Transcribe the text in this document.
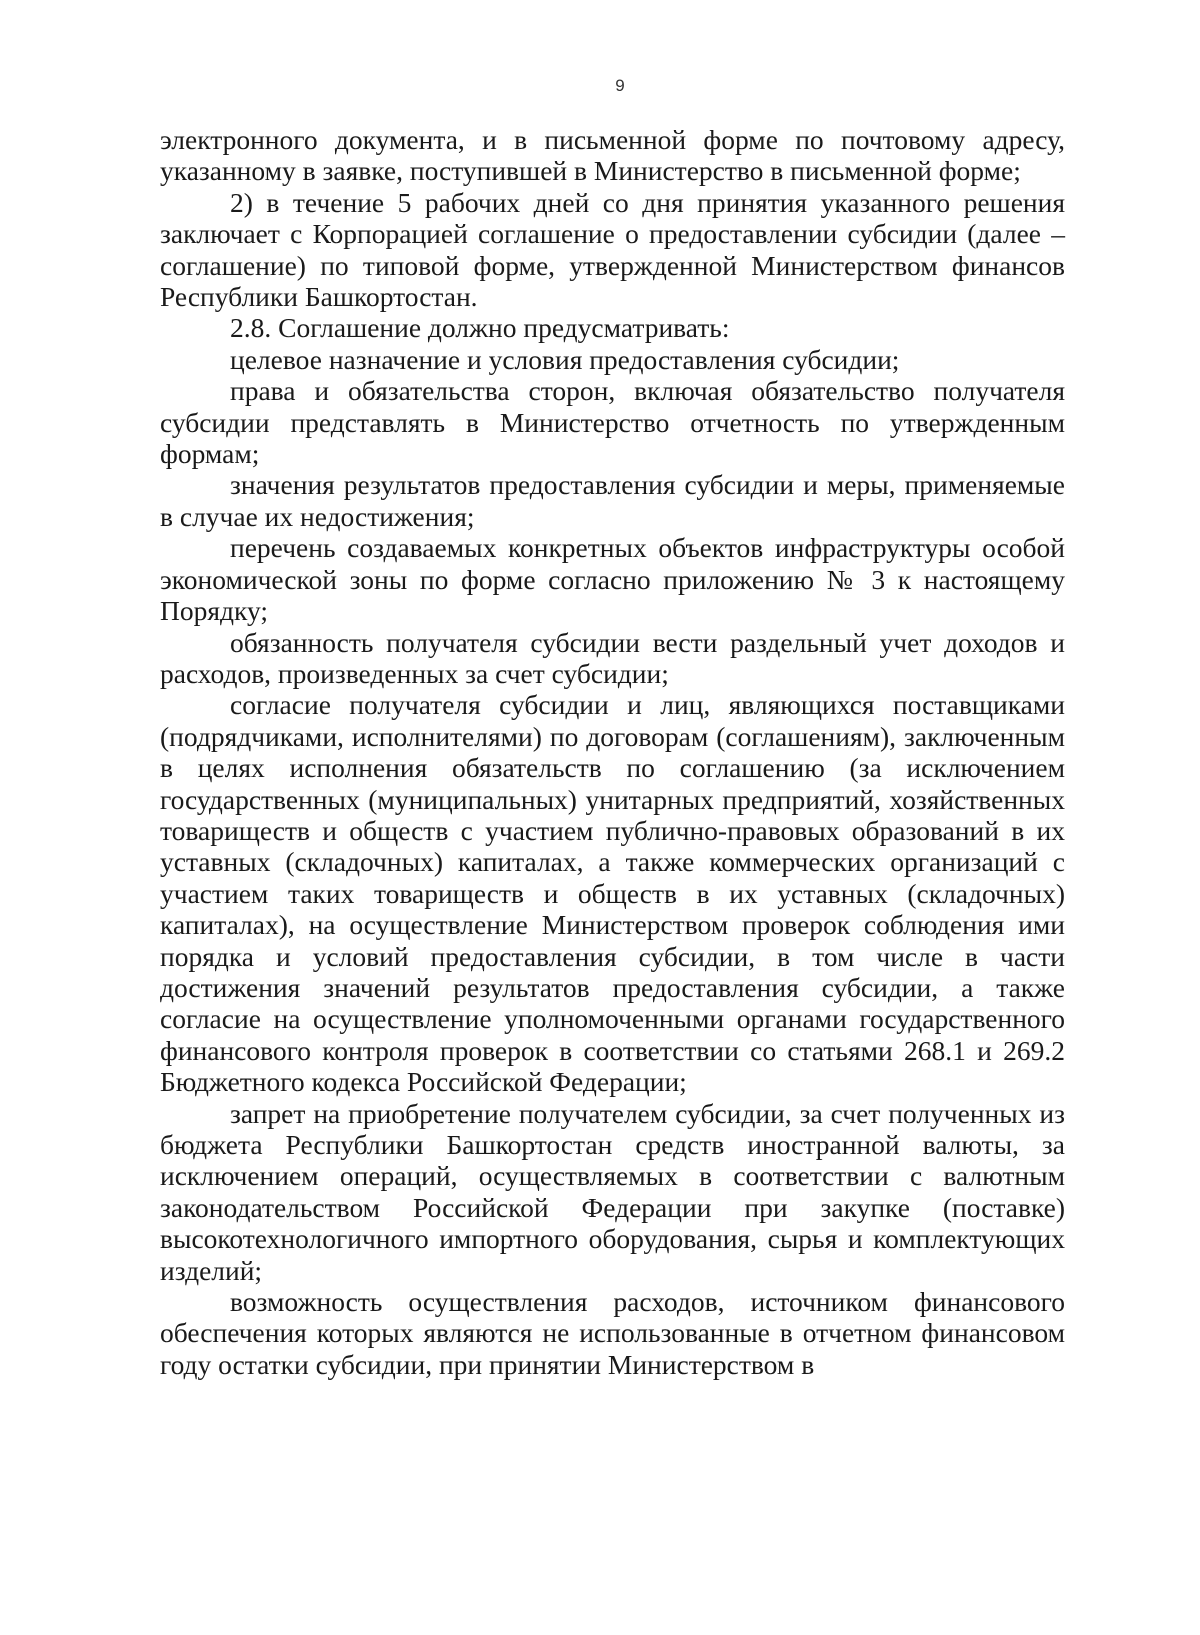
9

электронного документа, и в письменной форме по почтовому адресу, указанному в заявке, поступившей в Министерство в письменной форме;

2) в течение 5 рабочих дней со дня принятия указанного решения заключает с Корпорацией соглашение о предоставлении субсидии (далее – соглашение) по типовой форме, утвержденной Министерством финансов Республики Башкортостан.

2.8. Соглашение должно предусматривать:

целевое назначение и условия предоставления субсидии;

права и обязательства сторон, включая обязательство получателя субсидии представлять в Министерство отчетность по утвержденным формам;

значения результатов предоставления субсидии и меры, применяемые в случае их недостижения;

перечень создаваемых конкретных объектов инфраструктуры особой экономической зоны по форме согласно приложению № 3 к настоящему Порядку;

обязанность получателя субсидии вести раздельный учет доходов и расходов, произведенных за счет субсидии;

согласие получателя субсидии и лиц, являющихся поставщиками (подрядчиками, исполнителями) по договорам (соглашениям), заключенным в целях исполнения обязательств по соглашению (за исключением государственных (муниципальных) унитарных предприятий, хозяйственных товариществ и обществ с участием публично-правовых образований в их уставных (складочных) капиталах, а также коммерческих организаций с участием таких товариществ и обществ в их уставных (складочных) капиталах), на осуществление Министерством проверок соблюдения ими порядка и условий предоставления субсидии, в том числе в части достижения значений результатов предоставления субсидии, а также согласие на осуществление уполномоченными органами государственного финансового контроля проверок в соответствии со статьями 268.1 и 269.2 Бюджетного кодекса Российской Федерации;

запрет на приобретение получателем субсидии, за счет полученных из бюджета Республики Башкортостан средств иностранной валюты, за исключением операций, осуществляемых в соответствии с валютным законодательством Российской Федерации при закупке (поставке) высокотехнологичного импортного оборудования, сырья и комплектующих изделий;

возможность осуществления расходов, источником финансового обеспечения которых являются не использованные в отчетном финансовом году остатки субсидии, при принятии Министерством в
